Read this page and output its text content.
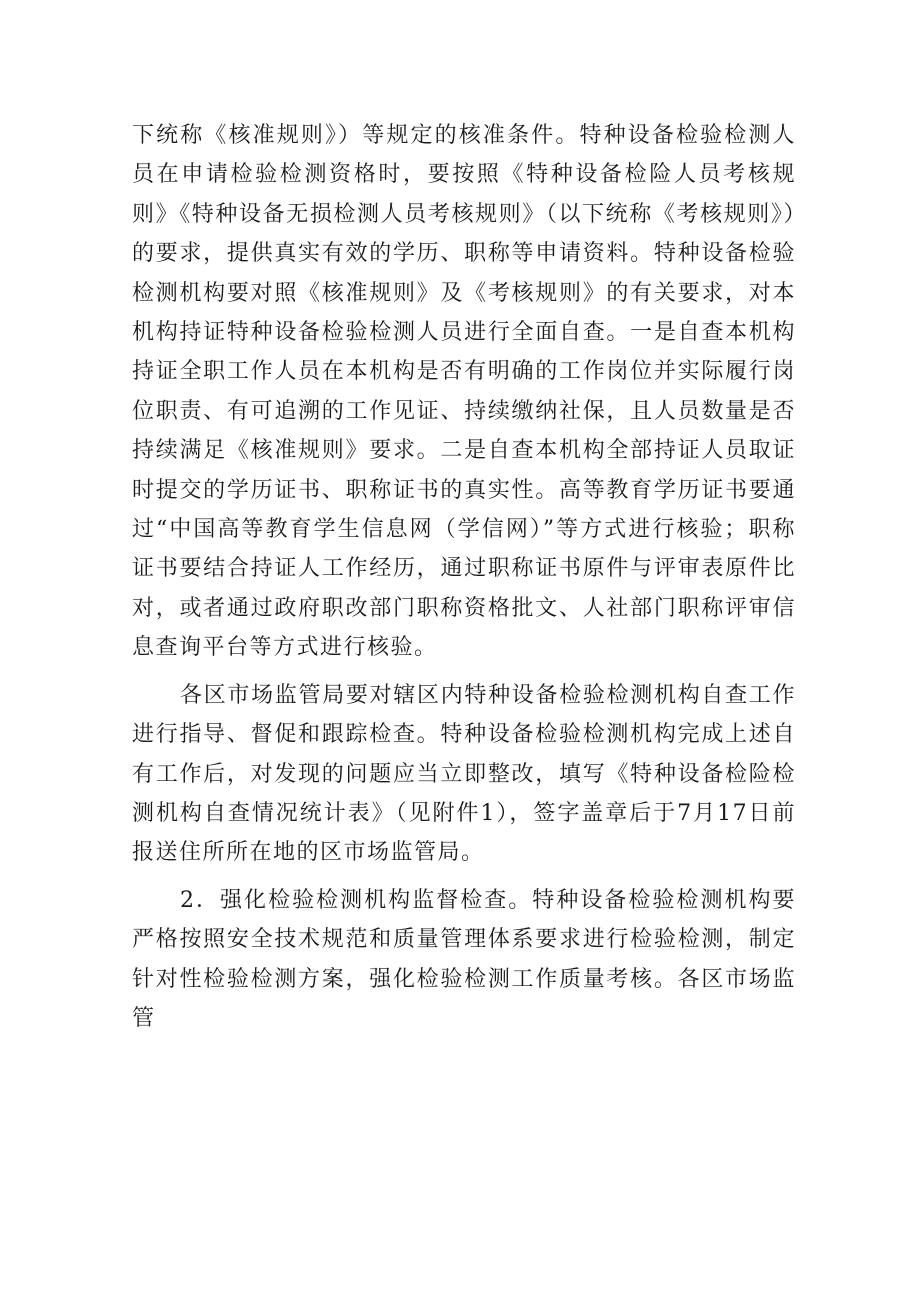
下统称《核准规则》）等规定的核准条件。特种设备检验检测人员在申请检验检测资格时，要按照《特种设备检险人员考核规则》《特种设备无损检测人员考核规则》（以下统称《考核规则》）的要求，提供真实有效的学历、职称等申请资料。特种设备检验检测机构要对照《核准规则》及《考核规则》的有关要求，对本机构持证特种设备检验检测人员进行全面自查。一是自查本机构持证全职工作人员在本机构是否有明确的工作岗位并实际履行岗位职责、有可追溯的工作见证、持续缴纳社保，且人员数量是否持续满足《核准规则》要求。二是自查本机构全部持证人员取证时提交的学历证书、职称证书的真实性。高等教育学历证书要通过“中国高等教育学生信息网（学信网）”等方式进行核验；职称证书要结合持证人工作经历，通过职称证书原件与评审表原件比对，或者通过政府职改部门职称资格批文、人社部门职称评审信息查询平台等方式进行核验。

各区市场监管局要对辖区内特种设备检验检测机构自查工作进行指导、督促和跟踪检查。特种设备检验检测机构完成上述自有工作后，对发现的问题应当立即整改，填写《特种设备检险检测机构自查情况统计表》（见附件1），签字盖章后于7月17日前报送住所所在地的区市场监管局。

2．强化检验检测机构监督检查。特种设备检验检测机构要严格按照安全技术规范和质量管理体系要求进行检验检测，制定针对性检验检测方案，强化检验检测工作质量考核。各区市场监管
